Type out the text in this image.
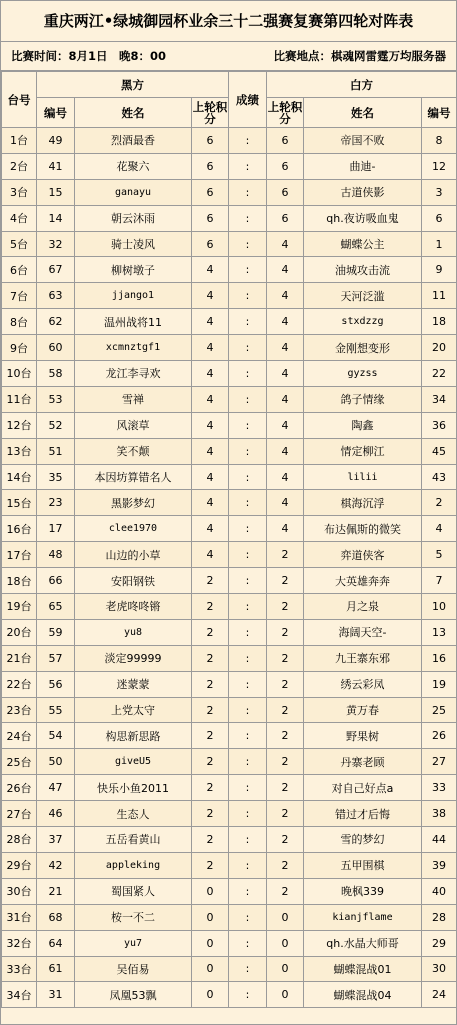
重庆两江•绿城御园杯业余三十二强赛复赛第四轮对阵表
比赛时间：8月1日　晚8：00	比赛地点：棋魂网雷霆万均服务器
台号	黑方			成绩	白方		
	编号	姓名	上轮积分		上轮积分	姓名	编号
1台	49	烈酒最香	6	:	6	帝国不败	8
2台	41	花聚六	6	:	6	曲迪-	12
3台	15	ganayu	6	:	6	古道侠影	3
4台	14	朝云沐雨	6	:	6	qh.夜访吸血鬼	6
5台	32	骑士凌风	6	:	4	蝴蝶公主	1
6台	67	柳树墩子	4	:	4	油城攻击流	9
7台	63	jjango1	4	:	4	天河泛滥	11
8台	62	温州战将11	4	:	4	stxdzzg	18
9台	60	xcmnztgf1	4	:	4	金刚想变形	20
10台	58	龙江李寻欢	4	:	4	gyzss	22
11台	53	雪禅	4	:	4	鸽子情缘	34
12台	52	风滚草	4	:	4	陶鑫	36
13台	51	笑不颠	4	:	4	情定柳江	45
14台	35	本因坊算错名人	4	:	4	lilii	43
15台	23	黑影梦幻	4	:	4	棋海沉浮	2
16台	17	clee1970	4	:	4	布达佩斯的微笑	4
17台	48	山边的小草	4	:	2	弈道侠客	5
18台	66	安阳钢铁	2	:	2	大英雄奔奔	7
19台	65	老虎咚咚锵	2	:	2	月之泉	10
20台	59	yu8	2	:	2	海阔天空-	13
21台	57	淡定99999	2	:	2	九王寨东邪	16
22台	56	迷蒙蒙	2	:	2	绣云彩凤	19
23台	55	上党太守	2	:	2	黄万春	25
24台	54	构思新思路	2	:	2	野果树	26
25台	50	giveU5	2	:	2	丹寨老顾	27
26台	47	快乐小鱼2011	2	:	2	对自己好点a	33
27台	46	生态人	2	:	2	错过才后悔	38
28台	37	五岳看黄山	2	:	2	雪的梦幻	44
29台	42	appleking	2	:	2	五甲围棋	39
30台	21	蜀国紧人	0	:	2	晚枫339	40
31台	68	桉一不二	0	:	0	kianjflame	28
32台	64	yu7	0	:	0	qh.水晶大师哥	29
33台	61	吴佰易	0	:	0	蝴蝶混战01	30
34台	31	凤凰53飘	0	:	0	蝴蝶混战04	24
